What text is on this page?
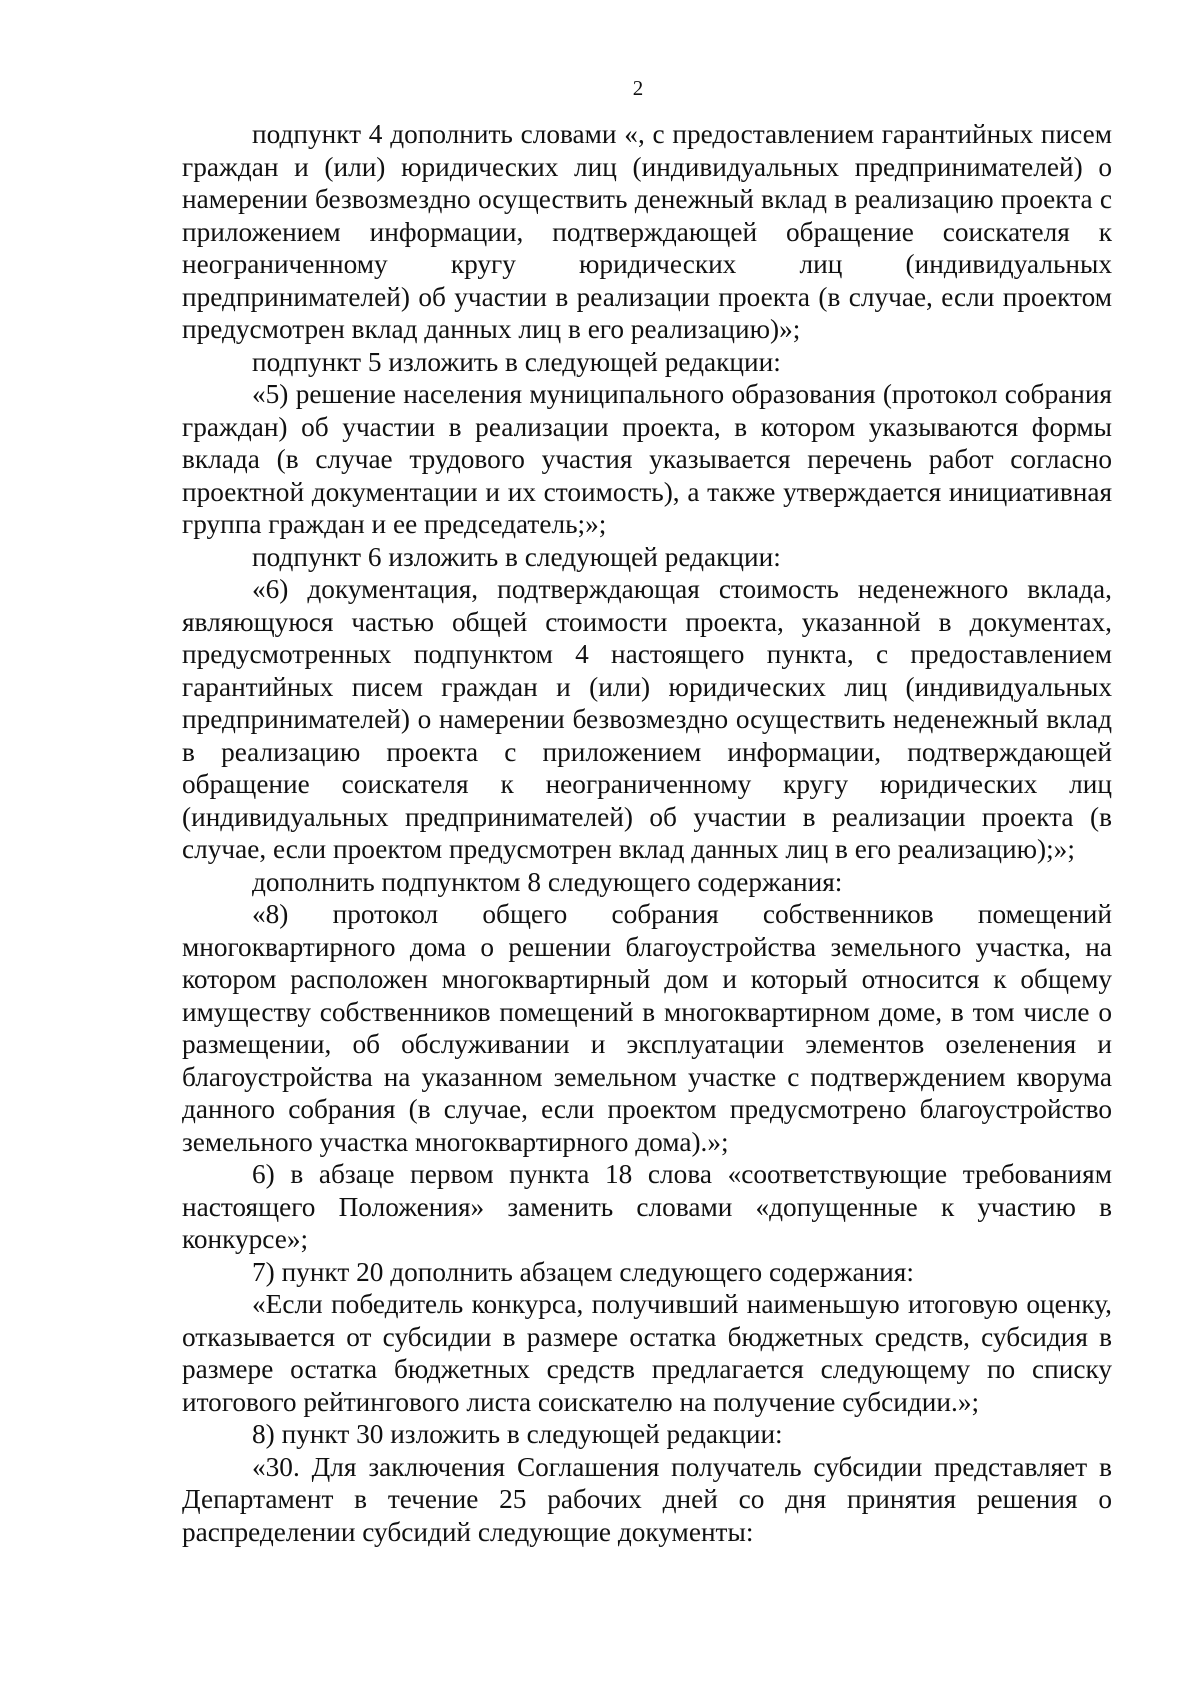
2

подпункт 4 дополнить словами «, с предоставлением гарантийных писем граждан и (или) юридических лиц (индивидуальных предпринимателей) о намерении безвозмездно осуществить денежный вклад в реализацию проекта с приложением информации, подтверждающей обращение соискателя к неограниченному кругу юридических лиц (индивидуальных предпринимателей) об участии в реализации проекта (в случае, если проектом предусмотрен вклад данных лиц в его реализацию)»;

подпункт 5 изложить в следующей редакции:

«5) решение населения муниципального образования (протокол собрания граждан) об участии в реализации проекта, в котором указываются формы вклада (в случае трудового участия указывается перечень работ согласно проектной документации и их стоимость), а также утверждается инициативная группа граждан и ее председатель;»;

подпункт 6 изложить в следующей редакции:

«6) документация, подтверждающая стоимость неденежного вклада, являющуюся частью общей стоимости проекта, указанной в документах, предусмотренных подпунктом 4 настоящего пункта, с предоставлением гарантийных писем граждан и (или) юридических лиц (индивидуальных предпринимателей) о намерении безвозмездно осуществить неденежный вклад в реализацию проекта с приложением информации, подтверждающей обращение соискателя к неограниченному кругу юридических лиц (индивидуальных предпринимателей) об участии в реализации проекта (в случае, если проектом предусмотрен вклад данных лиц в его реализацию);»;

дополнить подпунктом 8 следующего содержания:

«8) протокол общего собрания собственников помещений многоквартирного дома о решении благоустройства земельного участка, на котором расположен многоквартирный дом и который относится к общему имуществу собственников помещений в многоквартирном доме, в том числе о размещении, об обслуживании и эксплуатации элементов озеленения и благоустройства на указанном земельном участке с подтверждением кворума данного собрания (в случае, если проектом предусмотрено благоустройство земельного участка многоквартирного дома).»;

6) в абзаце первом пункта 18 слова «соответствующие требованиям настоящего Положения» заменить словами «допущенные к участию в конкурсе»;

7) пункт 20 дополнить абзацем следующего содержания:

«Если победитель конкурса, получивший наименьшую итоговую оценку, отказывается от субсидии в размере остатка бюджетных средств, субсидия в размере остатка бюджетных средств предлагается следующему по списку итогового рейтингового листа соискателю на получение субсидии.»;

8) пункт 30 изложить в следующей редакции:

«30. Для заключения Соглашения получатель субсидии представляет в Департамент в течение 25 рабочих дней со дня принятия решения о распределении субсидий следующие документы:
